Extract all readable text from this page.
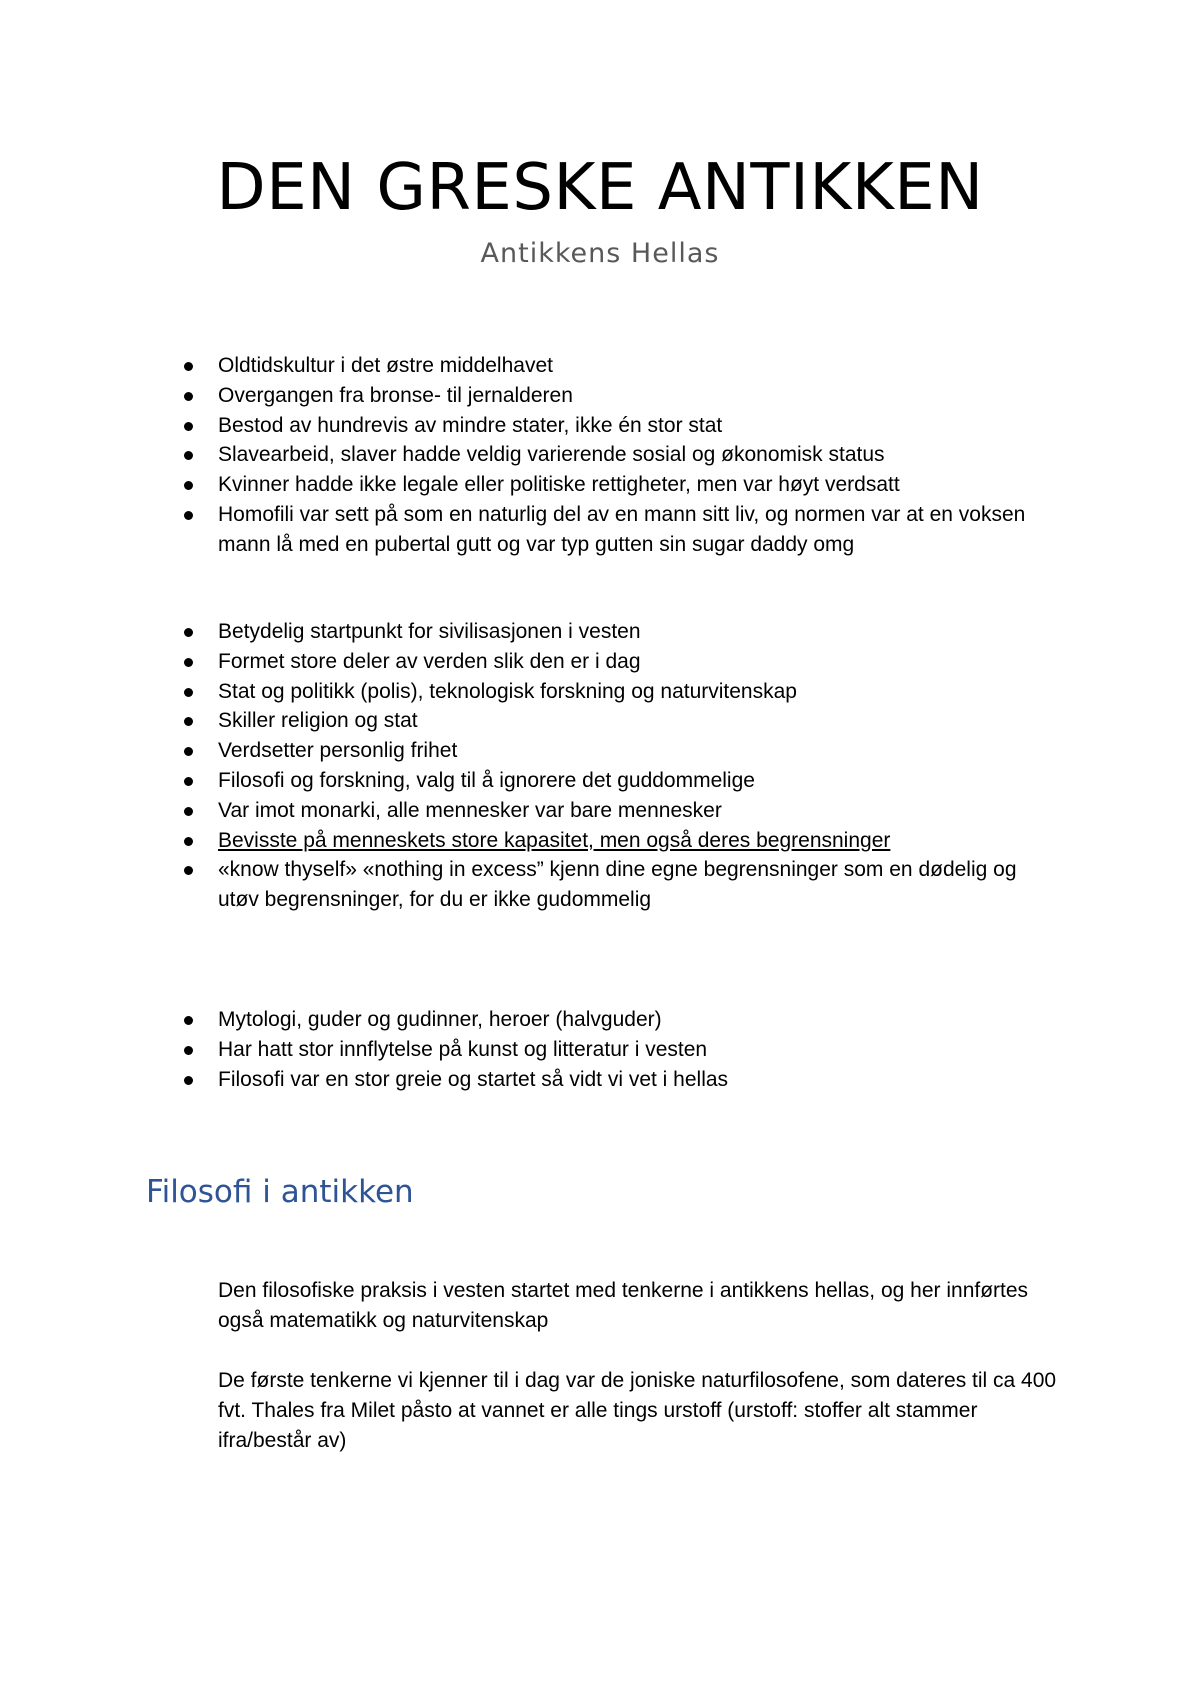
DEN GRESKE ANTIKKEN
Antikkens Hellas
Oldtidskultur i det østre middelhavet
Overgangen fra bronse- til jernalderen
Bestod av hundrevis av mindre stater, ikke én stor stat
Slavearbeid, slaver hadde veldig varierende sosial og økonomisk status
Kvinner hadde ikke legale eller politiske rettigheter, men var høyt verdsatt
Homofili var sett på som en naturlig del av en mann sitt liv, og normen var at en voksen mann lå med en pubertal gutt og var typ gutten sin sugar daddy omg
Betydelig startpunkt for sivilisasjonen i vesten
Formet store deler av verden slik den er i dag
Stat og politikk (polis), teknologisk forskning og naturvitenskap
Skiller religion og stat
Verdsetter personlig frihet
Filosofi og forskning, valg til å ignorere det guddommelige
Var imot monarki, alle mennesker var bare mennesker
Bevisste på menneskets store kapasitet, men også deres begrensninger
«know thyself» «nothing in excess” kjenn dine egne begrensninger som en dødelig og utøv begrensninger, for du er ikke gudommelig
Mytologi, guder og gudinner, heroer (halvguder)
Har hatt stor innflytelse på kunst og litteratur i vesten
Filosofi var en stor greie og startet så vidt vi vet i hellas
Filosofi i antikken

Den filosofiske praksis i vesten startet med tenkerne i antikkens hellas, og her innførtes også matematikk og naturvitenskap

De første tenkerne vi kjenner til i dag var de joniske naturfilosofene, som dateres til ca 400 fvt. Thales fra Milet påsto at vannet er alle tings urstoff (urstoff: stoffer alt stammer ifra/består av)
